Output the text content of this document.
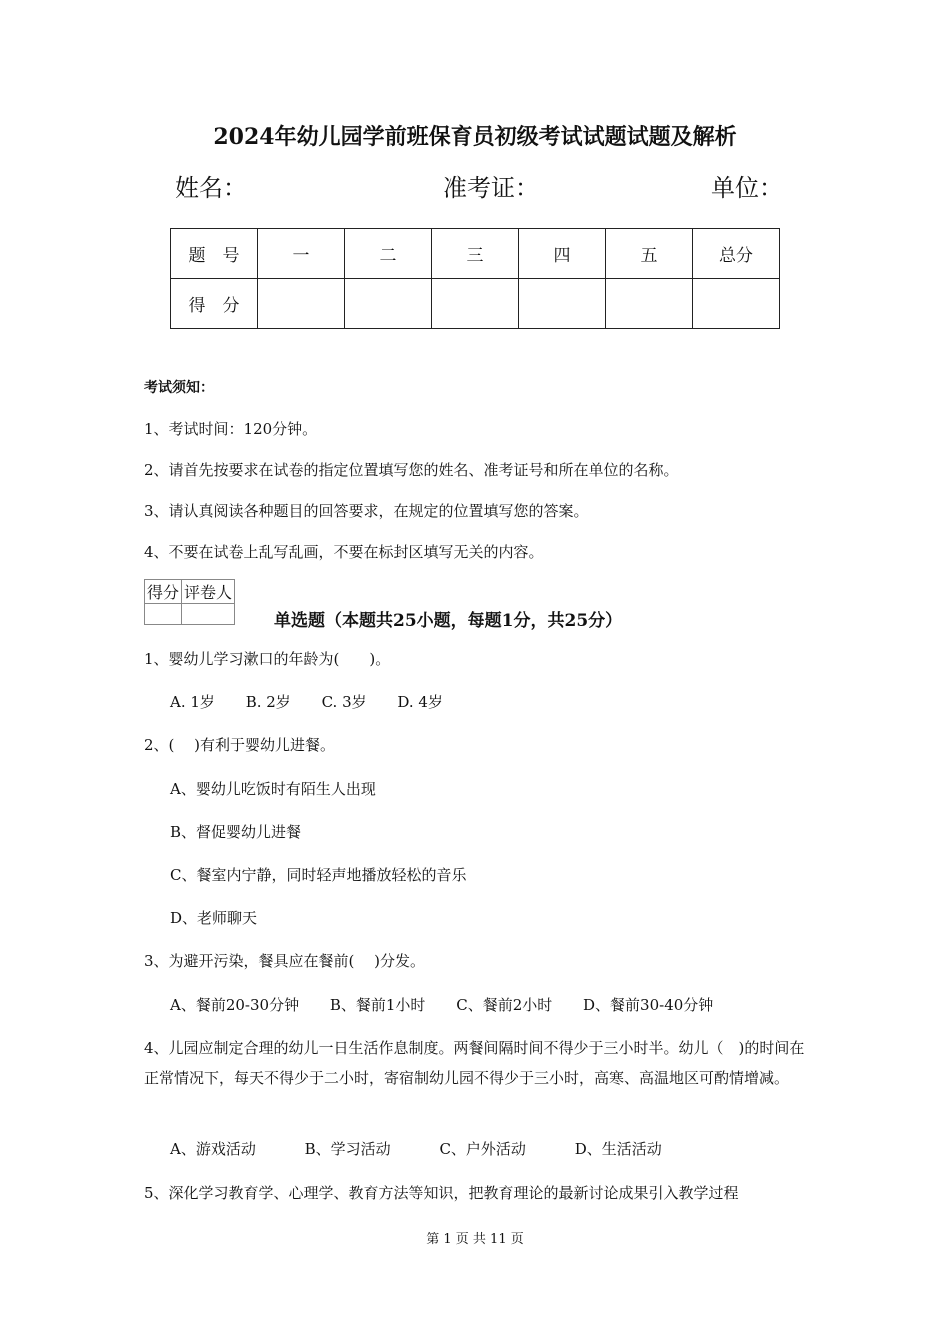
2024年幼儿园学前班保育员初级考试试题试题及解析
姓名：	准考证：	单位：
题　号	一	二	三	四	五	总分
得　分						
考试须知：
1、考试时间：120分钟。
2、请首先按要求在试卷的指定位置填写您的姓名、准考证号和所在单位的名称。
3、请认真阅读各种题目的回答要求，在规定的位置填写您的答案。
4、不要在试卷上乱写乱画，不要在标封区填写无关的内容。
得分	评卷人

单选题（本题共25小题，每题1分，共25分）
1、婴幼儿学习漱口的年龄为(　　)。
A. 1岁 B. 2岁 C. 3岁 D. 4岁
2、(　 )有利于婴幼儿进餐。
A、婴幼儿吃饭时有陌生人出现
B、督促婴幼儿进餐
C、餐室内宁静，同时轻声地播放轻松的音乐
D、老师聊天
3、为避开污染，餐具应在餐前(　 )分发。
A、餐前20-30分钟 B、餐前1小时 C、餐前2小时 D、餐前30-40分钟
4、儿园应制定合理的幼儿一日生活作息制度。两餐间隔时间不得少于三小时半。幼儿（　)的时间在正常情况下，每天不得少于二小时，寄宿制幼儿园不得少于三小时，高寒、高温地区可酌情增减。
A、游戏活动	B、学习活动	C、户外活动	D、生活活动
5、深化学习教育学、心理学、教育方法等知识，把教育理论的最新讨论成果引入教学过程
第 1 页 共 11 页
